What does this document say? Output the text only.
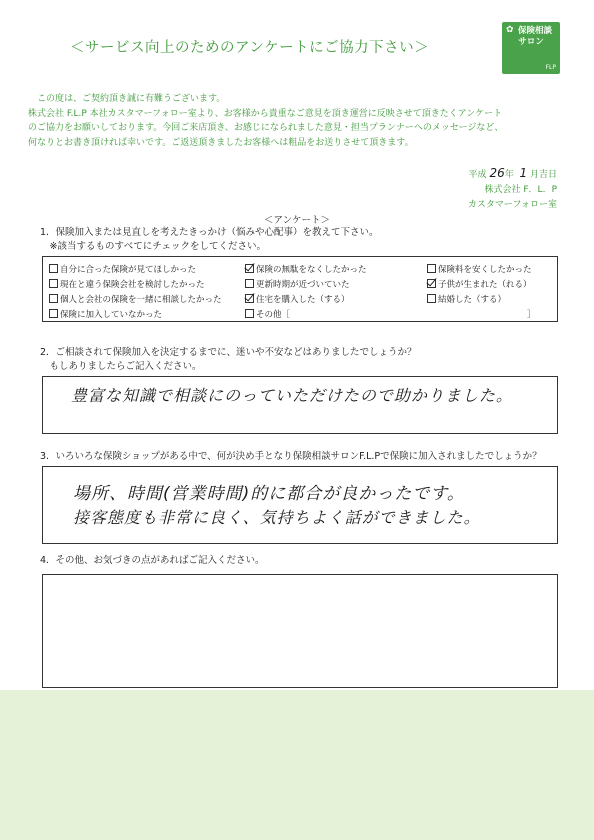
＜サービス向上のためのアンケートにご協力下さい＞
✿ 保険相談
サロン
FLP

　この度は、ご契約頂き誠に有難うございます。

株式会社 F.L.P 本社カスタマーフォロー室より、お客様から貴重なご意見を頂き運営に反映させて頂きたくアンケート

のご協力をお願いしております。今回ご来店頂き、お感じになられました意見・担当プランナーへのメッセージなど、

何なりとお書き頂ければ幸いです。ご返送頂きましたお客様へは粗品をお送りさせて頂きます。

平成 26年 1 月吉日
株式会社 F．L．P
カスタマーフォロー室
＜アンケート＞
1．保険加入または見直しを考えたきっかけ（悩みや心配事）を教えて下さい。
　※該当するものすべてにチェックをしてください。
自分に合った保険が見てほしかった	保険の無駄をなくしたかった	保険料を安くしたかった
現在と違う保険会社を検討したかった	更新時期が近づいていた	子供が生まれた（れる）
個人と会社の保険を一緒に相談したかった	住宅を購入した（する）	結婚した（する）
保険に加入していなかった	その他［	］
2．ご相談されて保険加入を決定するまでに、迷いや不安などはありましたでしょうか？
　もしありましたらご記入ください。
豊富な知識で相談にのっていただけたので助かりました。
3．いろいろな保険ショップがある中で、何が決め手となり保険相談サロンF.L.Pで保険に加入されましたでしょうか？
場所、時間(営業時間)的に都合が良かったです。
接客態度も非常に良く、気持ちよく話ができました。
4．その他、お気づきの点があればご記入ください。
